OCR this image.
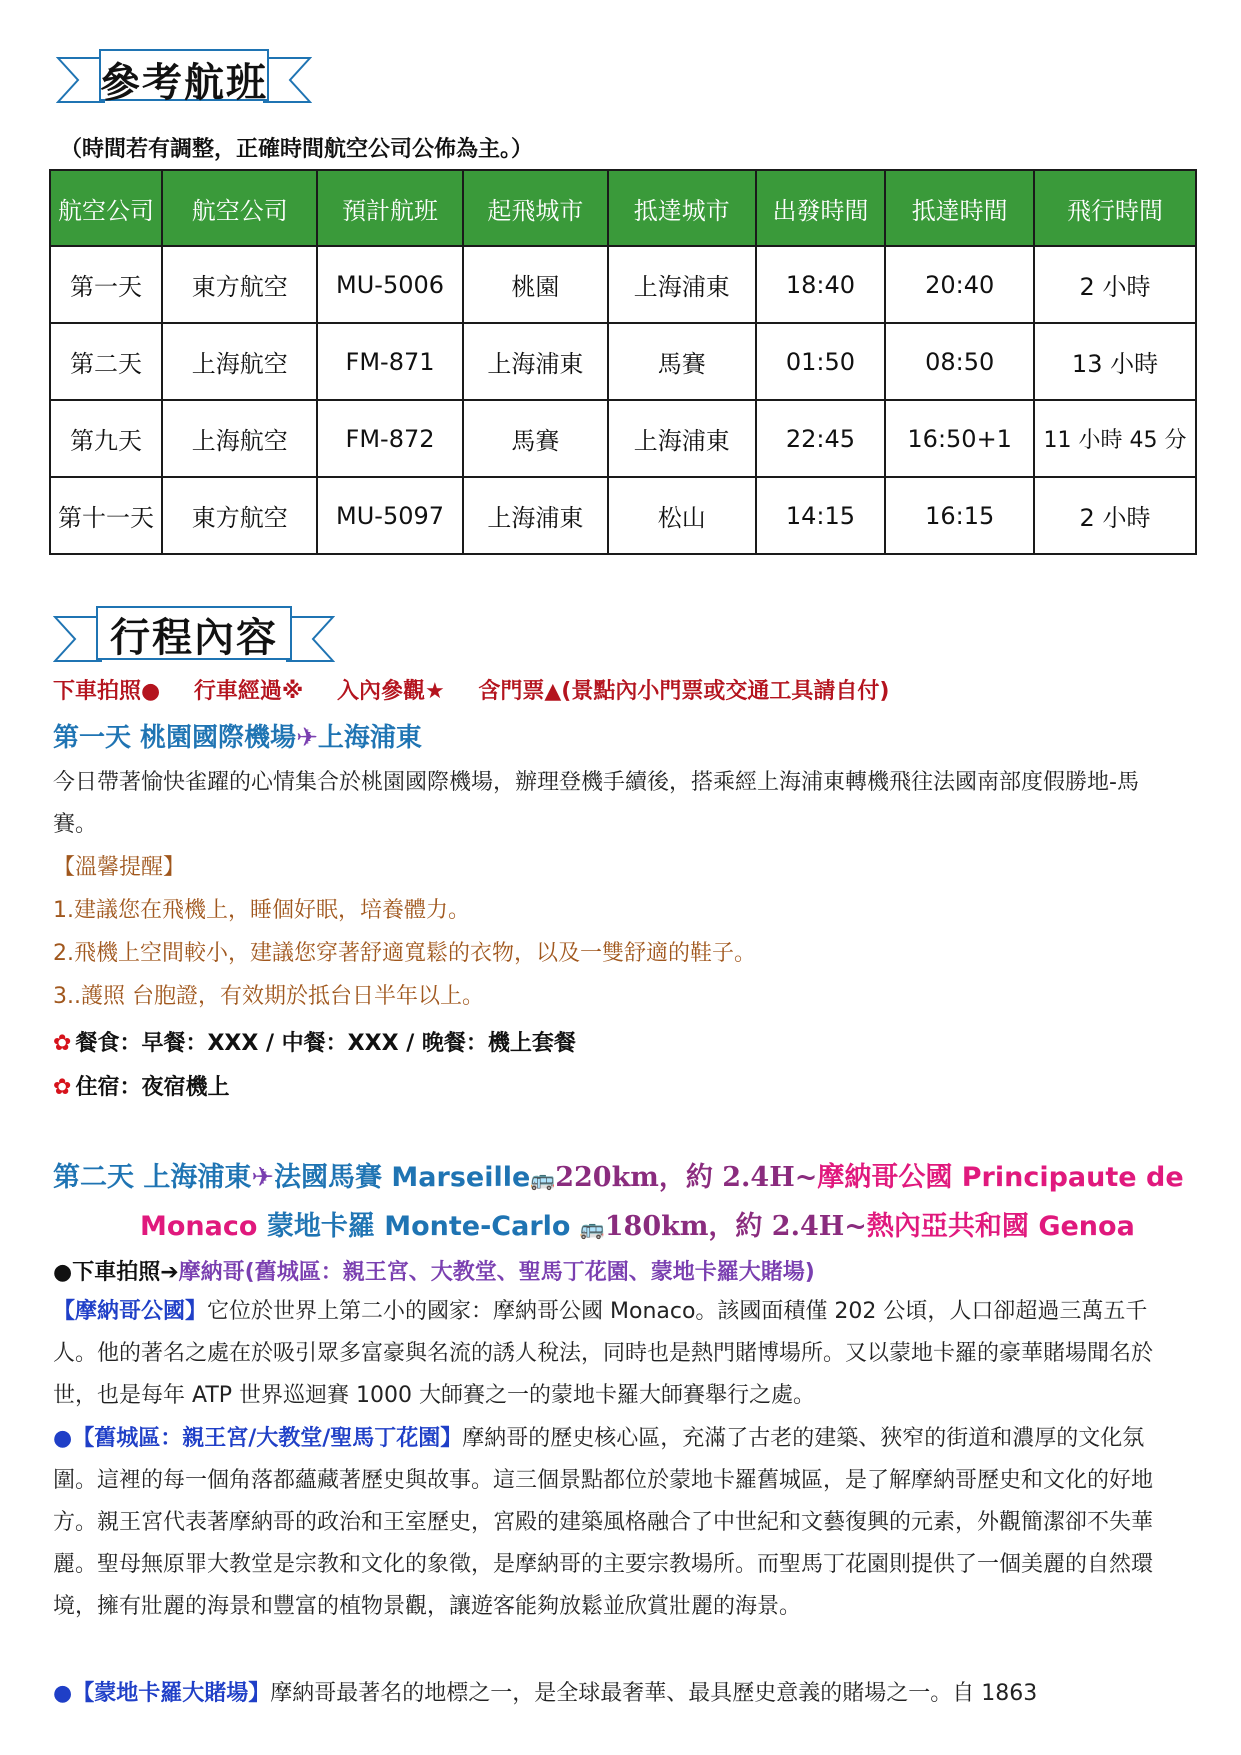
參考航班
（時間若有調整，正確時間航空公司公佈為主。）
航空公司	航空公司	預計航班	起飛城市	抵達城市	出發時間	抵達時間	飛行時間
第一天	東方航空	MU-5006	桃園	上海浦東	18:40	20:40	2 小時
第二天	上海航空	FM-871	上海浦東	馬賽	01:50	08:50	13 小時
第九天	上海航空	FM-872	馬賽	上海浦東	22:45	16:50+1	11 小時 45 分
第十一天	東方航空	MU-5097	上海浦東	松山	14:15	16:15	2 小時
行程內容
下車拍照● 行車經過※ 入內參觀★ 含門票▲(景點內小門票或交通工具請自付)
第一天 桃園國際機場✈上海浦東
今日帶著愉快雀躍的心情集合於桃園國際機場，辦理登機手續後，搭乘經上海浦東轉機飛往法國南部度假勝地-馬賽。
【溫馨提醒】
1.建議您在飛機上，睡個好眠，培養體力。
2.飛機上空間較小，建議您穿著舒適寬鬆的衣物，以及一雙舒適的鞋子。
3..護照 台胞證，有效期於抵台日半年以上。
✿ 餐食：早餐：XXX / 中餐：XXX / 晚餐：機上套餐
✿ 住宿：夜宿機上
第二天 上海浦東✈法國馬賽 Marseille🚌220km，約 2.4H~摩納哥公國 Principaute de
Monaco 蒙地卡羅 Monte-Carlo 🚌180km，約 2.4H~熱內亞共和國 Genoa
●下車拍照➔摩納哥(舊城區：親王宮、大教堂、聖馬丁花園、蒙地卡羅大賭場)
【摩納哥公國】它位於世界上第二小的國家：摩納哥公國 Monaco。該國面積僅 202 公頃，人口卻超過三萬五千人。他的著名之處在於吸引眾多富豪與名流的誘人稅法，同時也是熱門賭博場所。又以蒙地卡羅的豪華賭場聞名於世，也是每年 ATP 世界巡迴賽 1000 大師賽之一的蒙地卡羅大師賽舉行之處。
●【舊城區：親王宮/大教堂/聖馬丁花園】摩納哥的歷史核心區，充滿了古老的建築、狹窄的街道和濃厚的文化氛圍。這裡的每一個角落都蘊藏著歷史與故事。這三個景點都位於蒙地卡羅舊城區，是了解摩納哥歷史和文化的好地方。親王宮代表著摩納哥的政治和王室歷史，宮殿的建築風格融合了中世紀和文藝復興的元素，外觀簡潔卻不失華麗。聖母無原罪大教堂是宗教和文化的象徵，是摩納哥的主要宗教場所。而聖馬丁花園則提供了一個美麗的自然環境，擁有壯麗的海景和豐富的植物景觀，讓遊客能夠放鬆並欣賞壯麗的海景。
●【蒙地卡羅大賭場】摩納哥最著名的地標之一，是全球最奢華、最具歷史意義的賭場之一。自 1863
